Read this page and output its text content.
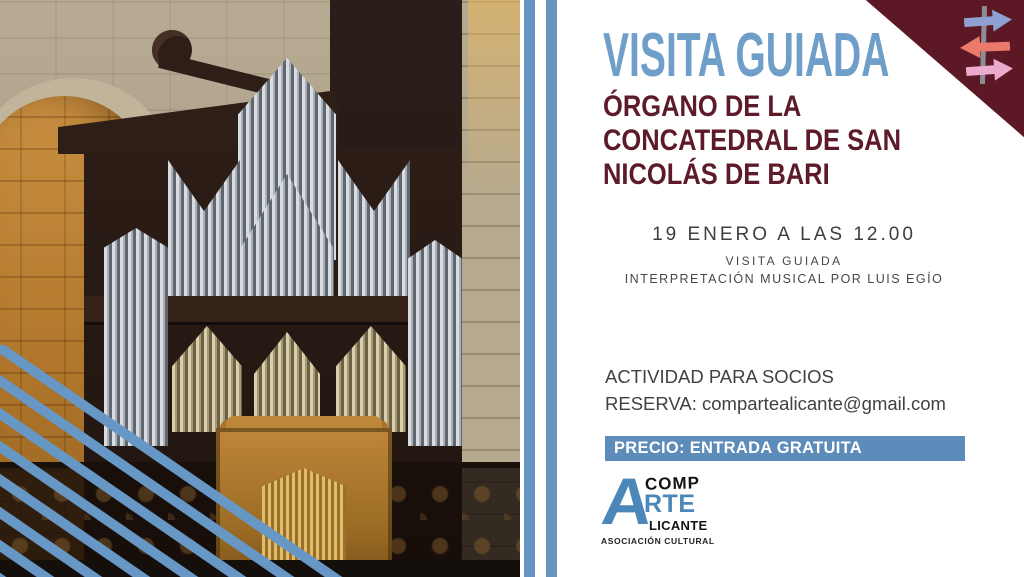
VISITA GUIADA
ÓRGANO DE LA
CONCATEDRAL DE SAN
NICOLÁS DE BARI
19 ENERO A LAS 12.00
VISITA GUIADA
INTERPRETACIÓN MUSICAL POR LUIS EGÍO
ACTIVIDAD PARA SOCIOS
RESERVA: compartealicante@gmail.com
PRECIO: ENTRADA GRATUITA
A
COMP
RTE
LICANTE
ASOCIACIÓN CULTURAL
